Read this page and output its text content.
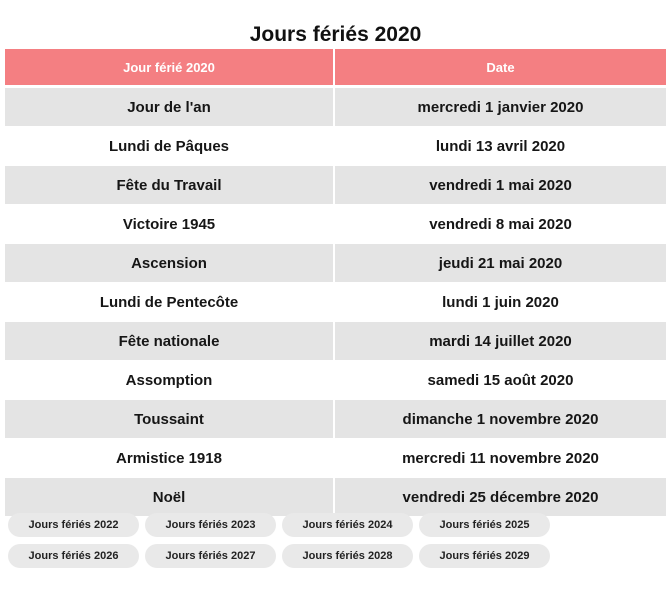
Jours fériés 2020
Jour férié 2020	Date
Jour de l'an	mercredi 1 janvier 2020
Lundi de Pâques	lundi 13 avril 2020
Fête du Travail	vendredi 1 mai 2020
Victoire 1945	vendredi 8 mai 2020
Ascension	jeudi 21 mai 2020
Lundi de Pentecôte	lundi 1 juin 2020
Fête nationale	mardi 14 juillet 2020
Assomption	samedi 15 août 2020
Toussaint	dimanche 1 novembre 2020
Armistice 1918	mercredi 11 novembre 2020
Noël	vendredi 25 décembre 2020
Jours fériés 2022	Jours fériés 2023	Jours fériés 2024	Jours fériés 2025
Jours fériés 2026	Jours fériés 2027	Jours fériés 2028	Jours fériés 2029
